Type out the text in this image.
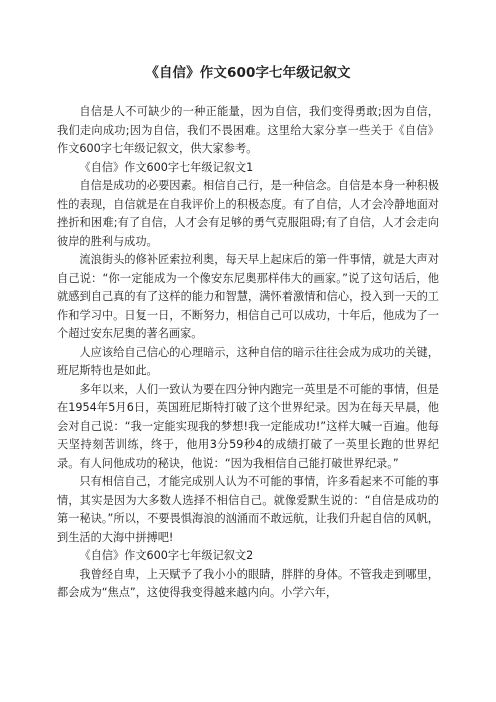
《自信》作文600字七年级记叙文

自信是人不可缺少的一种正能量，因为自信，我们变得勇敢;因为自信，我们走向成功;因为自信，我们不畏困难。这里给大家分享一些关于《自信》作文600字七年级记叙文，供大家参考。

《自信》作文600字七年级记叙文1

自信是成功的必要因素。相信自己行，是一种信念。自信是本身一种积极性的表现，自信就是在自我评价上的积极态度。有了自信，人才会冷静地面对挫折和困难;有了自信，人才会有足够的勇气克服阻碍;有了自信，人才会走向彼岸的胜利与成功。

流浪街头的修补匠索拉利奥，每天早上起床后的第一件事情，就是大声对自己说：“你一定能成为一个像安东尼奥那样伟大的画家。”说了这句话后，他就感到自己真的有了这样的能力和智慧，满怀着激情和信心，投入到一天的工作和学习中。日复一日，不断努力，相信自己可以成功，十年后，他成为了一个超过安东尼奥的著名画家。

人应该给自己信心的心理暗示，这种自信的暗示往往会成为成功的关键，班尼斯特也是如此。

多年以来，人们一致认为要在四分钟内跑完一英里是不可能的事情，但是在1954年5月6日，英国班尼斯特打破了这个世界纪录。因为在每天早晨，他会对自己说：“我一定能实现我的梦想!我一定能成功!”这样大喊一百遍。他每天坚持刻苦训练，终于，他用3分59秒4的成绩打破了一英里长跑的世界纪录。有人问他成功的秘诀，他说：“因为我相信自己能打破世界纪录。”

只有相信自己，才能完成别人认为不可能的事情，许多看起来不可能的事情，其实是因为大多数人选择不相信自己。就像爱默生说的：“自信是成功的第一秘诀。”所以，不要畏惧海浪的汹涌而不敢远航，让我们升起自信的风帆，到生活的大海中拼搏吧!

《自信》作文600字七年级记叙文2

我曾经自卑，上天赋予了我小小的眼睛，胖胖的身体。不管我走到哪里，都会成为“焦点”，这使得我变得越来越内向。小学六年，
